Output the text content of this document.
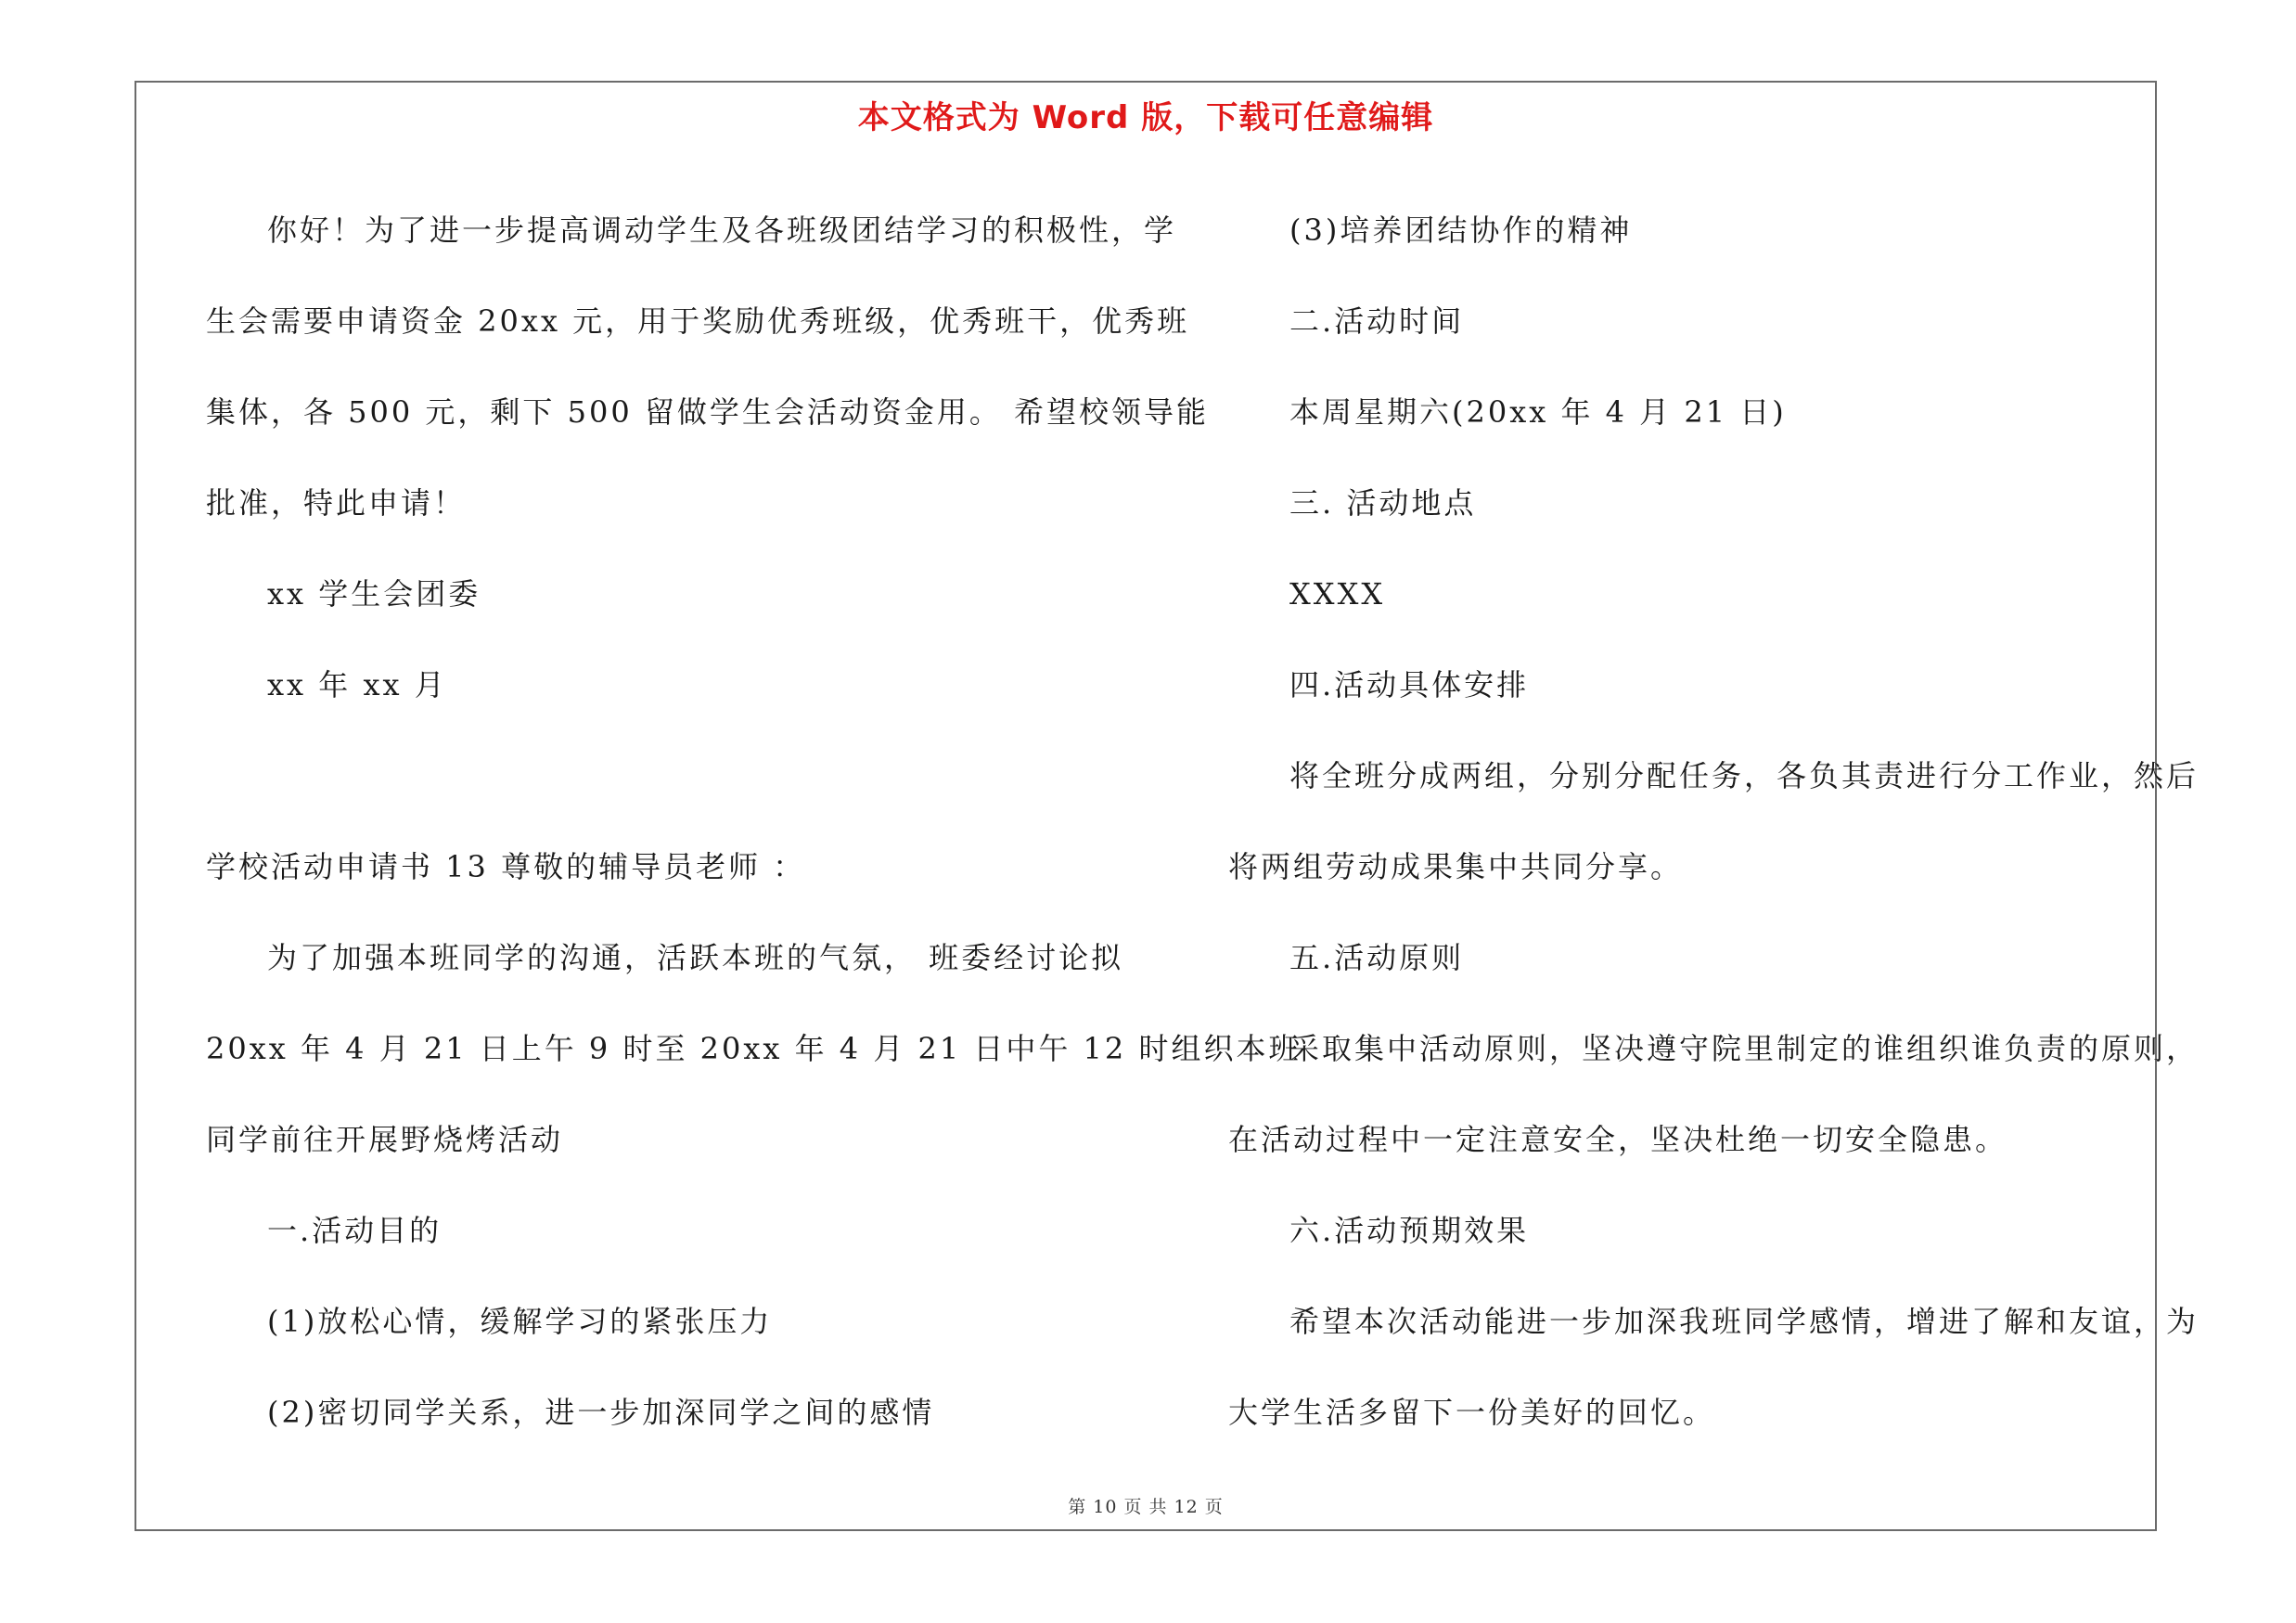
本文格式为 Word 版，下载可任意编辑
你好！为了进一步提高调动学生及各班级团结学习的积极性，学
生会需要申请资金 20xx 元，用于奖励优秀班级，优秀班干，优秀班
集体，各 500 元，剩下 500 留做学生会活动资金用。 希望校领导能
批准，特此申请！
xx 学生会团委
xx 年 xx 月
学校活动申请书 13 尊敬的辅导员老师 ：
为了加强本班同学的沟通，活跃本班的气氛， 班委经讨论拟
20xx 年 4 月 21 日上午 9 时至 20xx 年 4 月 21 日中午 12 时组织本班
同学前往开展野烧烤活动
一.活动目的
(1)放松心情，缓解学习的紧张压力
(2)密切同学关系，进一步加深同学之间的感情
(3)培养团结协作的精神
二.活动时间
本周星期六(20xx 年 4 月 21 日)
三. 活动地点
XXXX
四.活动具体安排
将全班分成两组，分别分配任务，各负其责进行分工作业，然后
将两组劳动成果集中共同分享。
五.活动原则
采取集中活动原则，坚决遵守院里制定的谁组织谁负责的原则，
在活动过程中一定注意安全，坚决杜绝一切安全隐患。
六.活动预期效果
希望本次活动能进一步加深我班同学感情，增进了解和友谊，为
大学生活多留下一份美好的回忆。
第 10 页 共 12 页
